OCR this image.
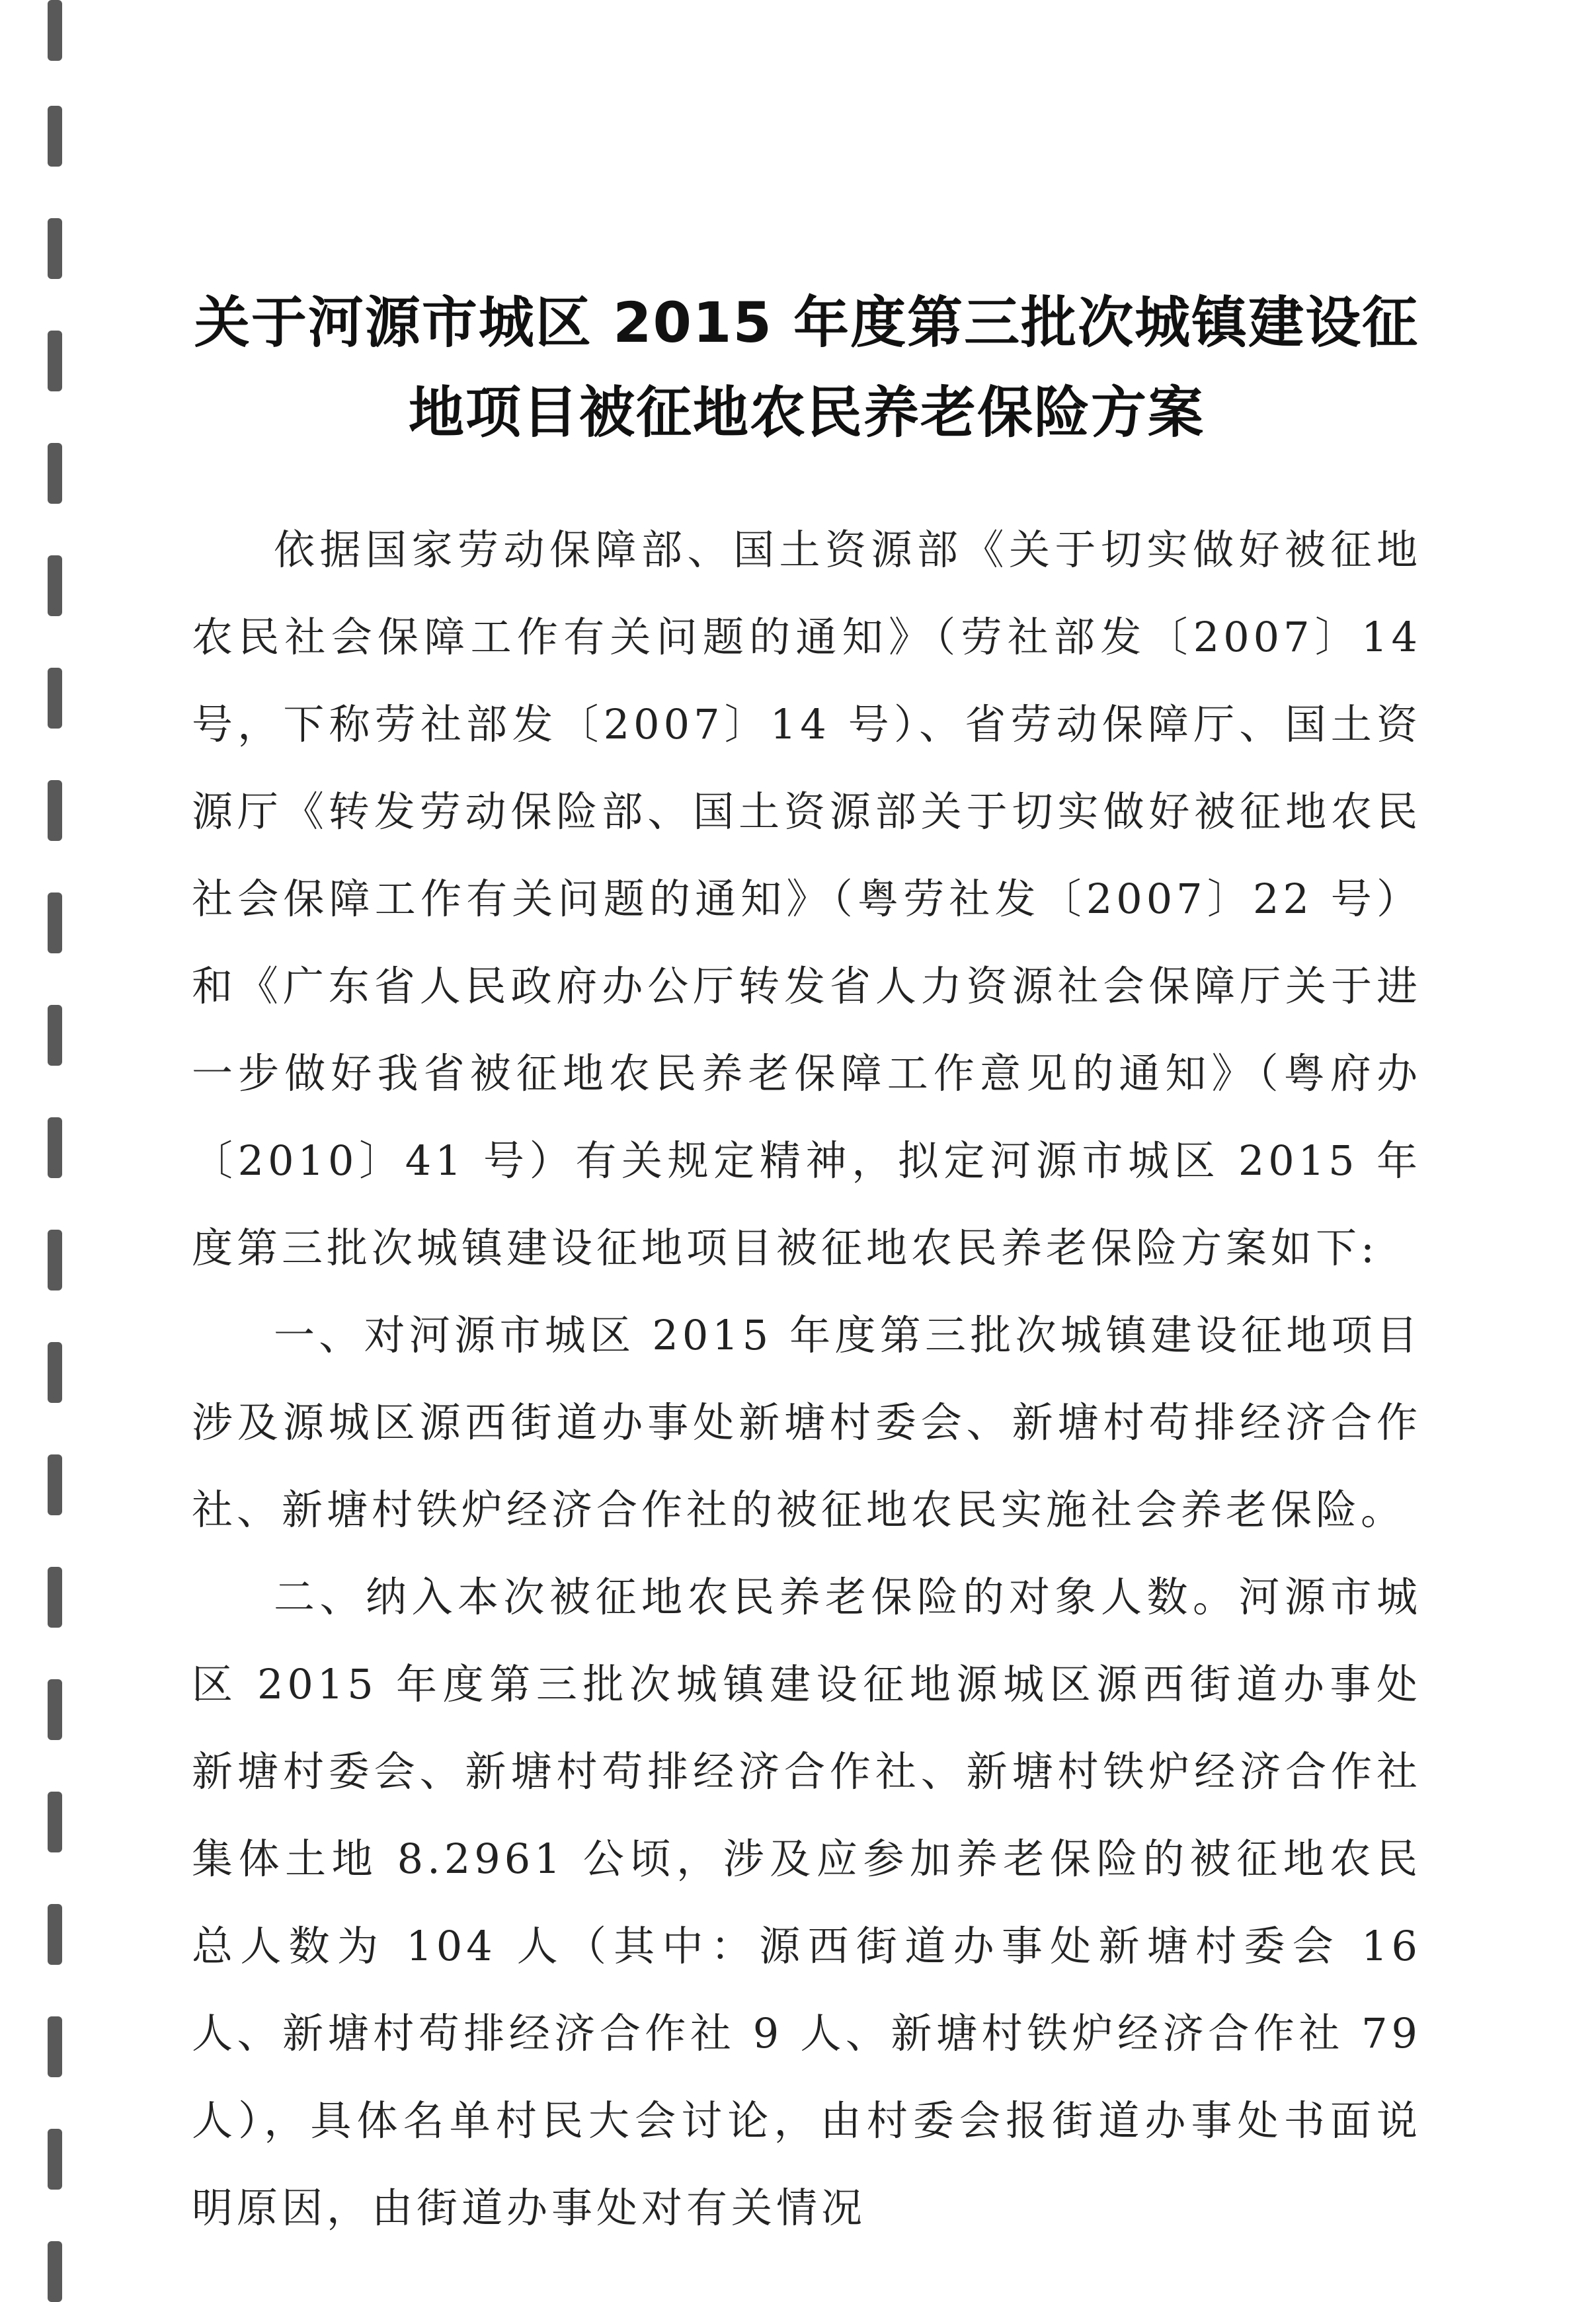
关于河源市城区 2015 年度第三批次城镇建设征
地项目被征地农民养老保险方案

依据国家劳动保障部、国土资源部《关于切实做好被征地农民社会保障工作有关问题的通知》（劳社部发〔2007〕14 号，下称劳社部发〔2007〕14 号）、省劳动保障厅、国土资源厅《转发劳动保险部、国土资源部关于切实做好被征地农民社会保障工作有关问题的通知》（粤劳社发〔2007〕22 号）和《广东省人民政府办公厅转发省人力资源社会保障厅关于进一步做好我省被征地农民养老保障工作意见的通知》（粤府办〔2010〕41 号）有关规定精神，拟定河源市城区 2015 年度第三批次城镇建设征地项目被征地农民养老保险方案如下:

一、对河源市城区 2015 年度第三批次城镇建设征地项目涉及源城区源西街道办事处新塘村委会、新塘村苟排经济合作社、新塘村铁炉经济合作社的被征地农民实施社会养老保险。

二、纳入本次被征地农民养老保险的对象人数。河源市城区 2015 年度第三批次城镇建设征地源城区源西街道办事处新塘村委会、新塘村苟排经济合作社、新塘村铁炉经济合作社集体土地 8.2961 公顷，涉及应参加养老保险的被征地农民总人数为 104 人（其中：源西街道办事处新塘村委会 16 人、新塘村苟排经济合作社 9 人、新塘村铁炉经济合作社 79 人），具体名单村民大会讨论，由村委会报街道办事处书面说明原因，由街道办事处对有关情况
